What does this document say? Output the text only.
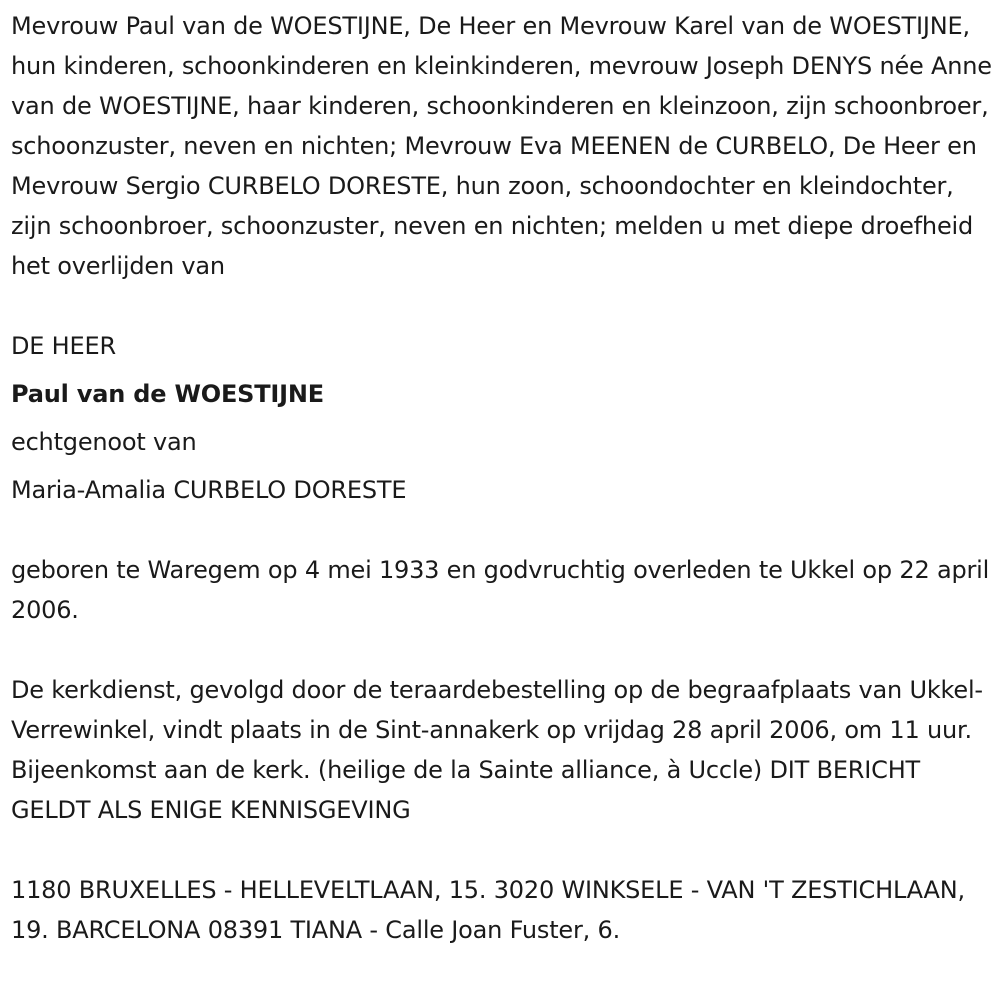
Mevrouw Paul van de WOESTIJNE, De Heer en Mevrouw Karel van de WOESTIJNE, hun kinderen, schoonkinderen en kleinkinderen, mevrouw Joseph DENYS née Anne van de WOESTIJNE, haar kinderen, schoonkinderen en kleinzoon, zijn schoonbroer, schoonzuster, neven en nichten; Mevrouw Eva MEENEN de CURBELO, De Heer en Mevrouw Sergio CURBELO DORESTE, hun zoon, schoondochter en kleindochter, zijn schoonbroer, schoonzuster, neven en nichten; melden u met diepe droefheid het overlijden van

DE HEER

Paul van de WOESTIJNE

echtgenoot van

Maria-Amalia CURBELO DORESTE

geboren te Waregem op 4 mei 1933 en godvruchtig overleden te Ukkel op 22 april 2006.

De kerkdienst, gevolgd door de teraardebestelling op de begraafplaats van Ukkel-Verrewinkel, vindt plaats in de Sint-annakerk op vrijdag 28 april 2006, om 11 uur. Bijeenkomst aan de kerk. (heilige de la Sainte alliance, à Uccle) DIT BERICHT GELDT ALS ENIGE KENNISGEVING

1180 BRUXELLES - HELLEVELTLAAN, 15. 3020 WINKSELE - VAN 'T ZESTICHLAAN, 19. BARCELONA 08391 TIANA - Calle Joan Fuster, 6.
